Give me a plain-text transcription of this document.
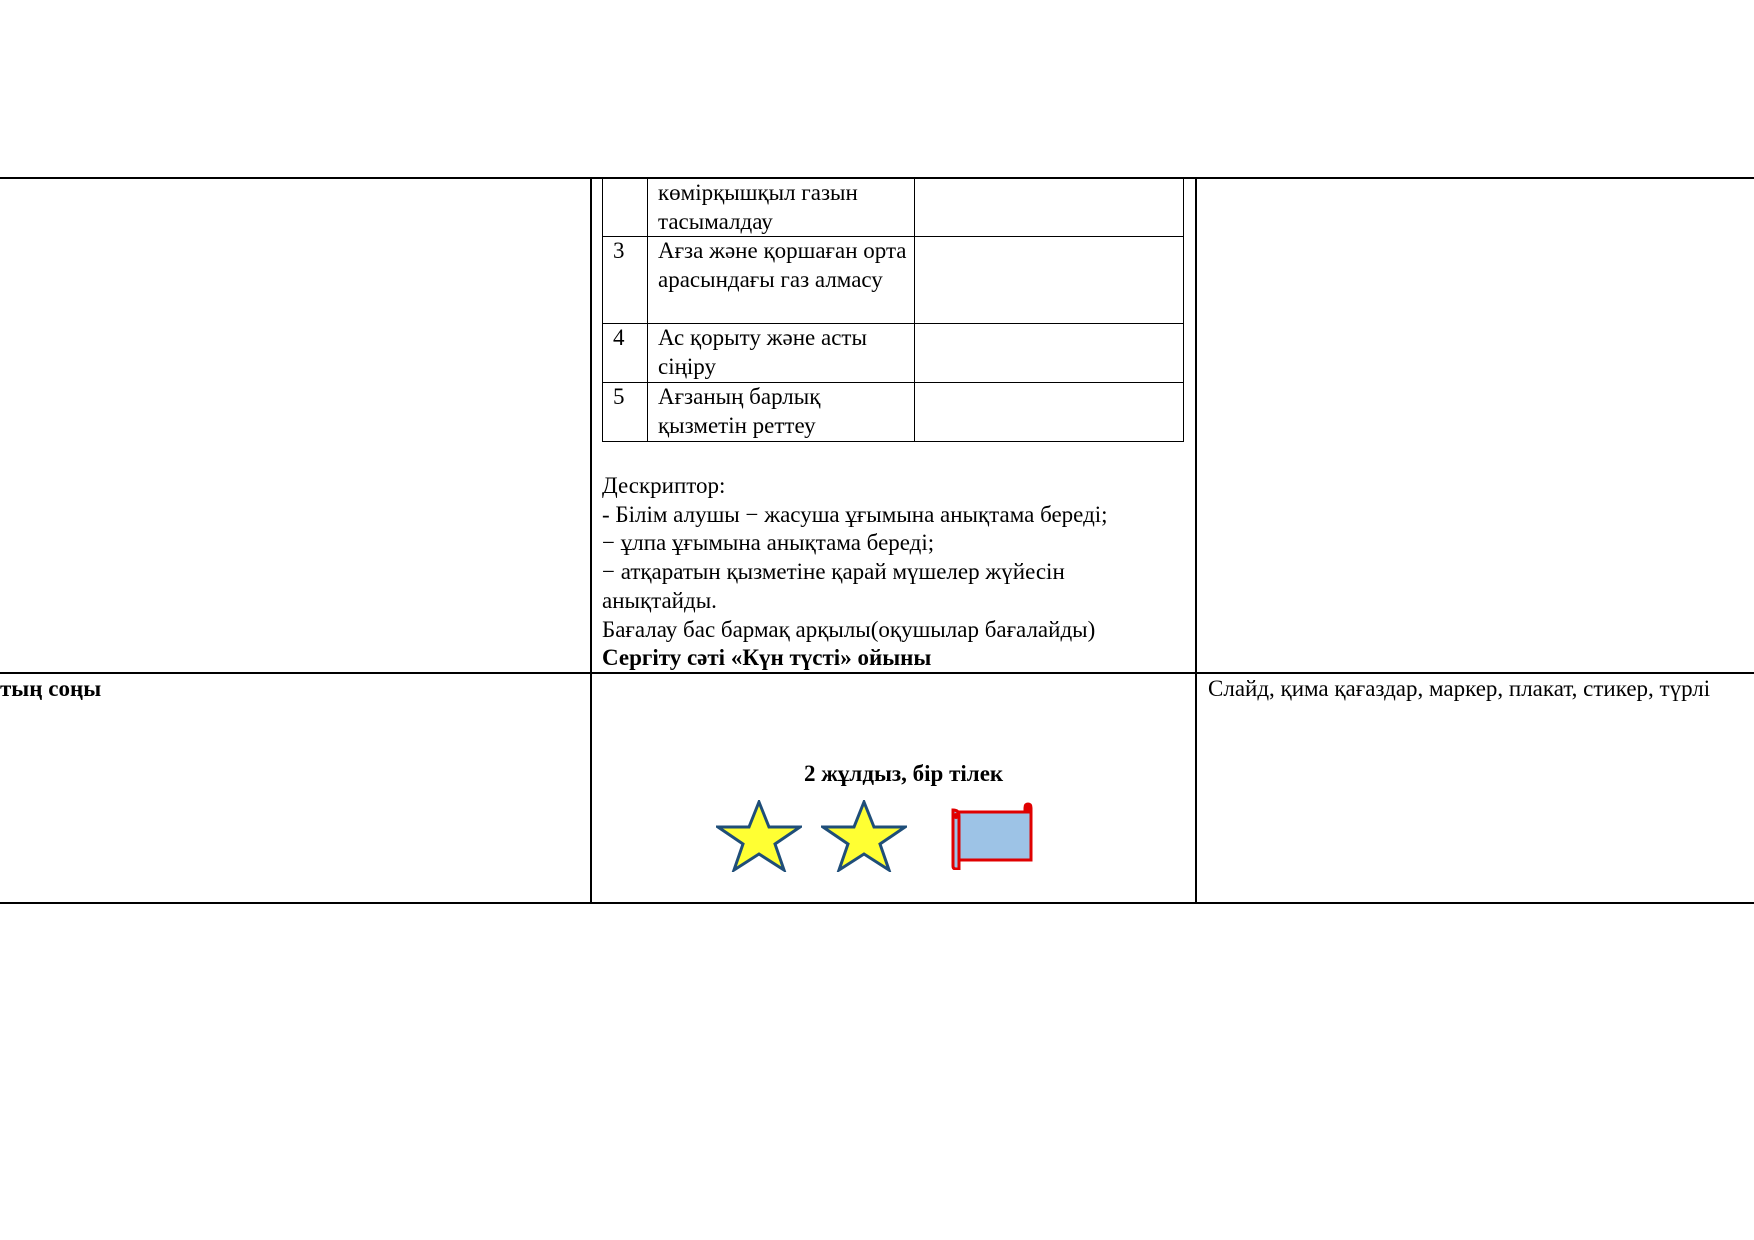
	көмірқышқыл газын тасымалдау	
3	Ағза және қоршаған орта арасындағы газ алмасу	
4	Ас қорыту және асты сіңіру	
5	Ағзаның барлық қызметін реттеу	
Дескриптор:
- Білім алушы − жасуша ұғымына анықтама береді;
− ұлпа ұғымына анықтама береді;
− атқаратын қызметіне қарай мүшелер жүйесін
анықтайды.
Бағалау бас бармақ арқылы(оқушылар бағалайды)
Сергіту сәті «Күн түсті» ойыны
тың соңы
2 жұлдыз, бір тілек
Слайд, қима қағаздар, маркер, плакат, стикер, түрлі
